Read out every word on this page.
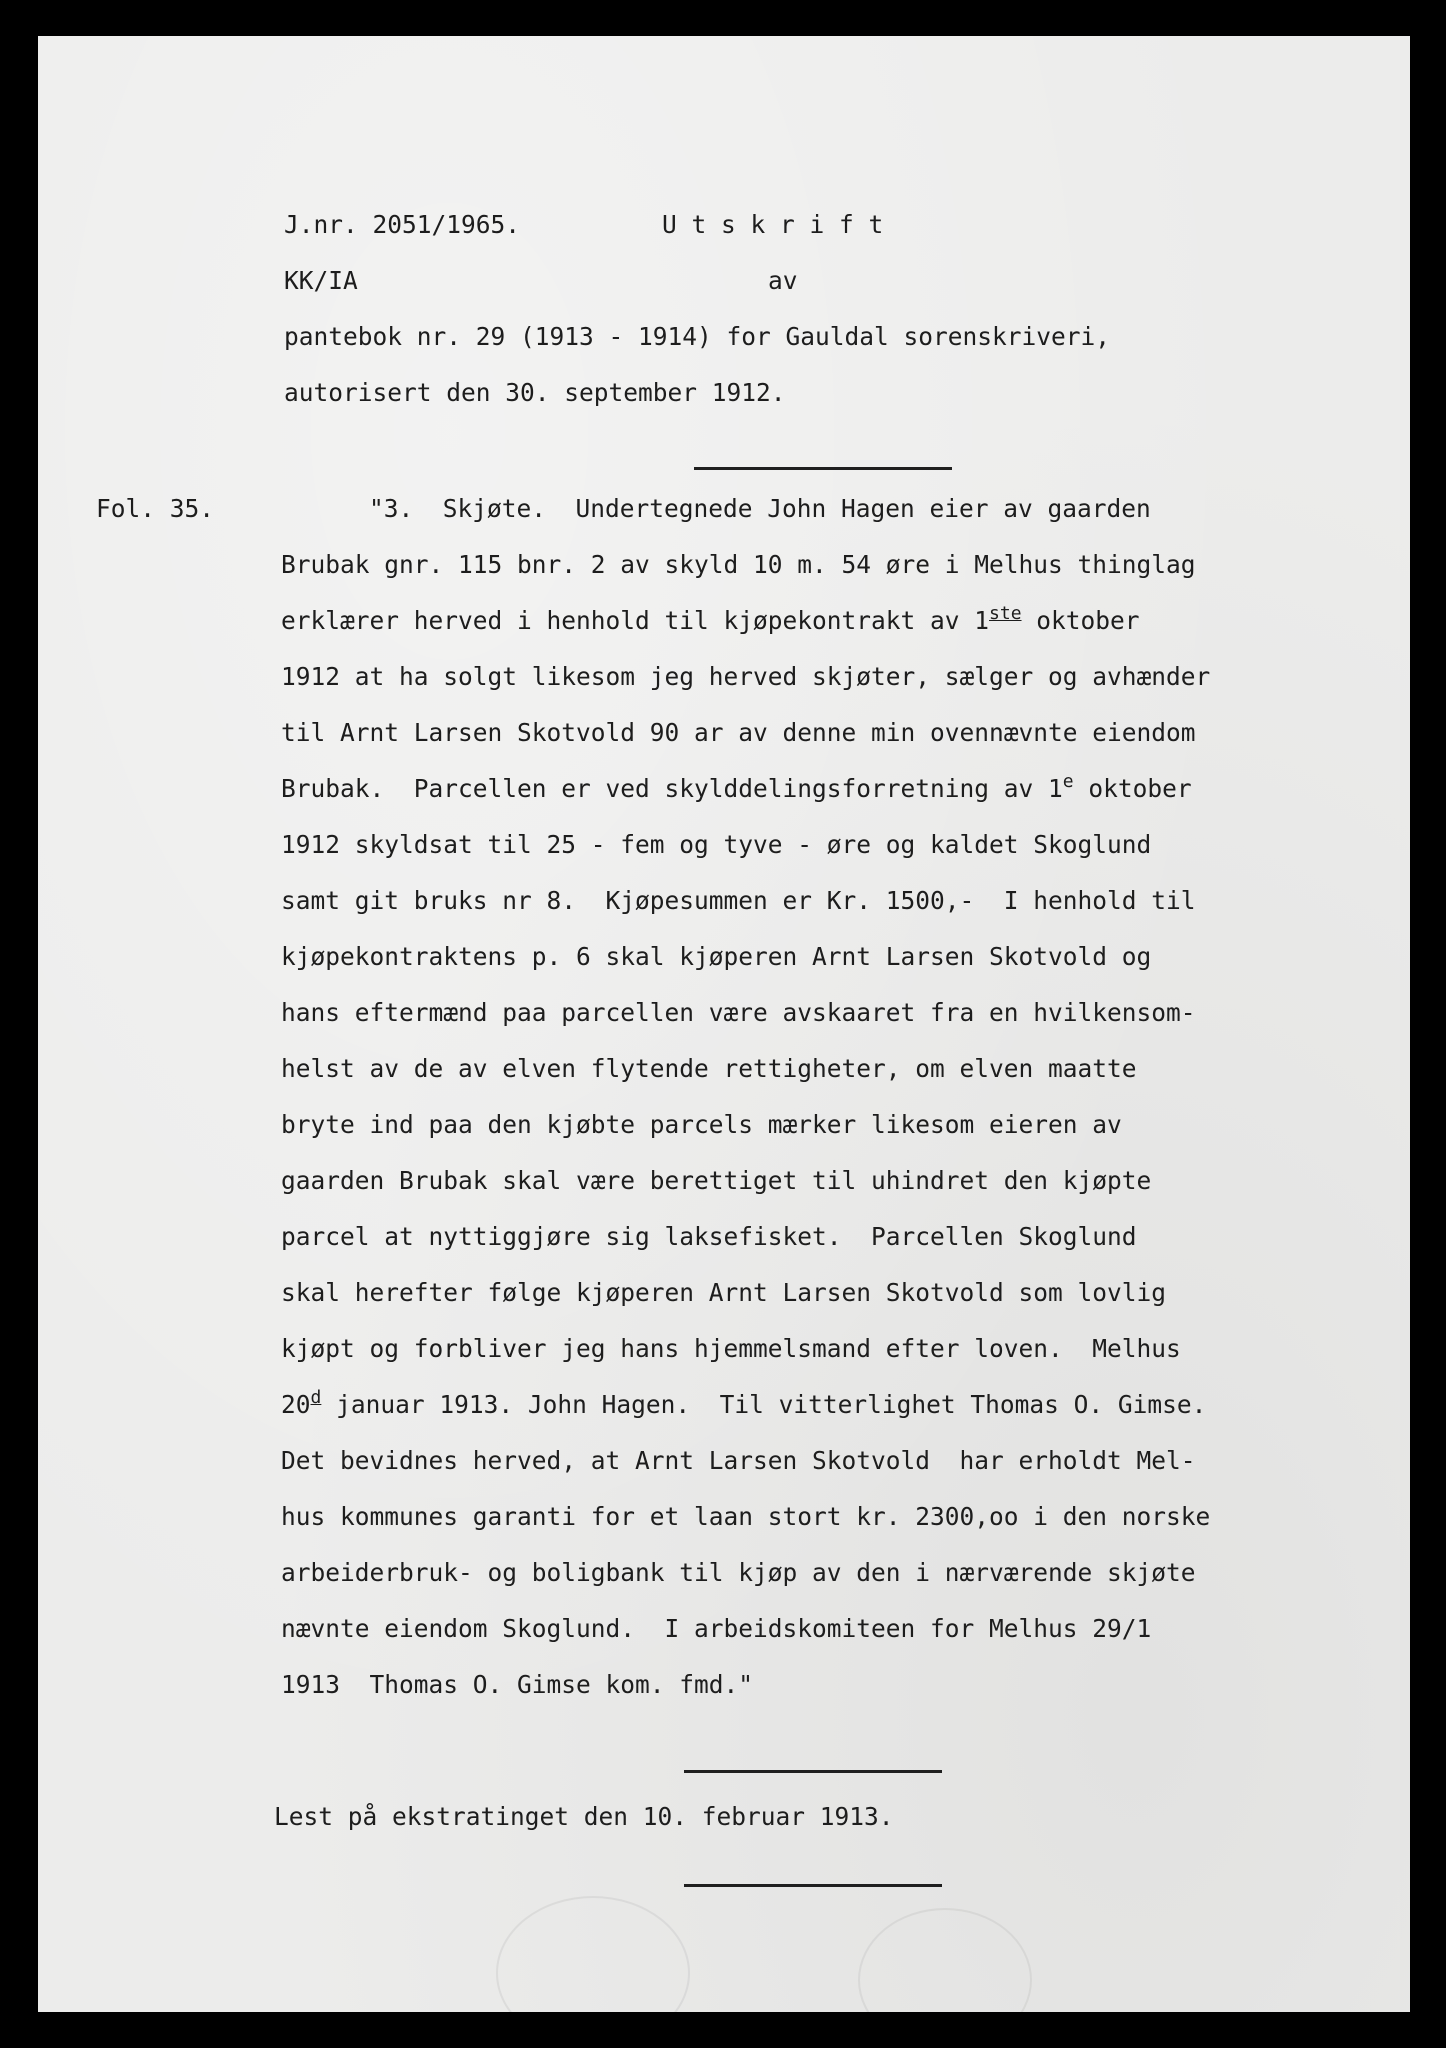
J.nr. 2051/1965.	U t s k r i f t
KK/IA	av
pantebok nr. 29 (1913 - 1914) for Gauldal sorenskriveri,
autorisert den 30. september 1912.
Fol. 35.	"3.  Skjøte.  Undertegnede John Hagen eier av gaarden
Brubak gnr. 115 bnr. 2 av skyld 10 m. 54 øre i Melhus thinglag
erklærer herved i henhold til kjøpekontrakt av 1ste oktober
1912 at ha solgt likesom jeg herved skjøter, sælger og avhænder
til Arnt Larsen Skotvold 90 ar av denne min ovennævnte eiendom
Brubak.  Parcellen er ved skylddelingsforretning av 1e oktober
1912 skyldsat til 25 - fem og tyve - øre og kaldet Skoglund
samt git bruks nr 8.  Kjøpesummen er Kr. 1500,-  I henhold til
kjøpekontraktens p. 6 skal kjøperen Arnt Larsen Skotvold og
hans eftermænd paa parcellen være avskaaret fra en hvilkensom-
helst av de av elven flytende rettigheter, om elven maatte
bryte ind paa den kjøbte parcels mærker likesom eieren av
gaarden Brubak skal være berettiget til uhindret den kjøpte
parcel at nyttiggjøre sig laksefisket.  Parcellen Skoglund
skal herefter følge kjøperen Arnt Larsen Skotvold som lovlig
kjøpt og forbliver jeg hans hjemmelsmand efter loven.  Melhus
20$^d$ januar 1913. John Hagen.  Til vitterlighet Thomas O. Gimse.
Det bevidnes herved, at Arnt Larsen Skotvold  har erholdt Mel-
hus kommunes garanti for et laan stort kr. 2300,oo i den norske
arbeiderbruk- og boligbank til kjøp av den i nærværende skjøte
nævnte eiendom Skoglund.  I arbeidskomiteen for Melhus 29/1
1913  Thomas O. Gimse kom. fmd."
Lest på ekstratinget den 10. februar 1913.
